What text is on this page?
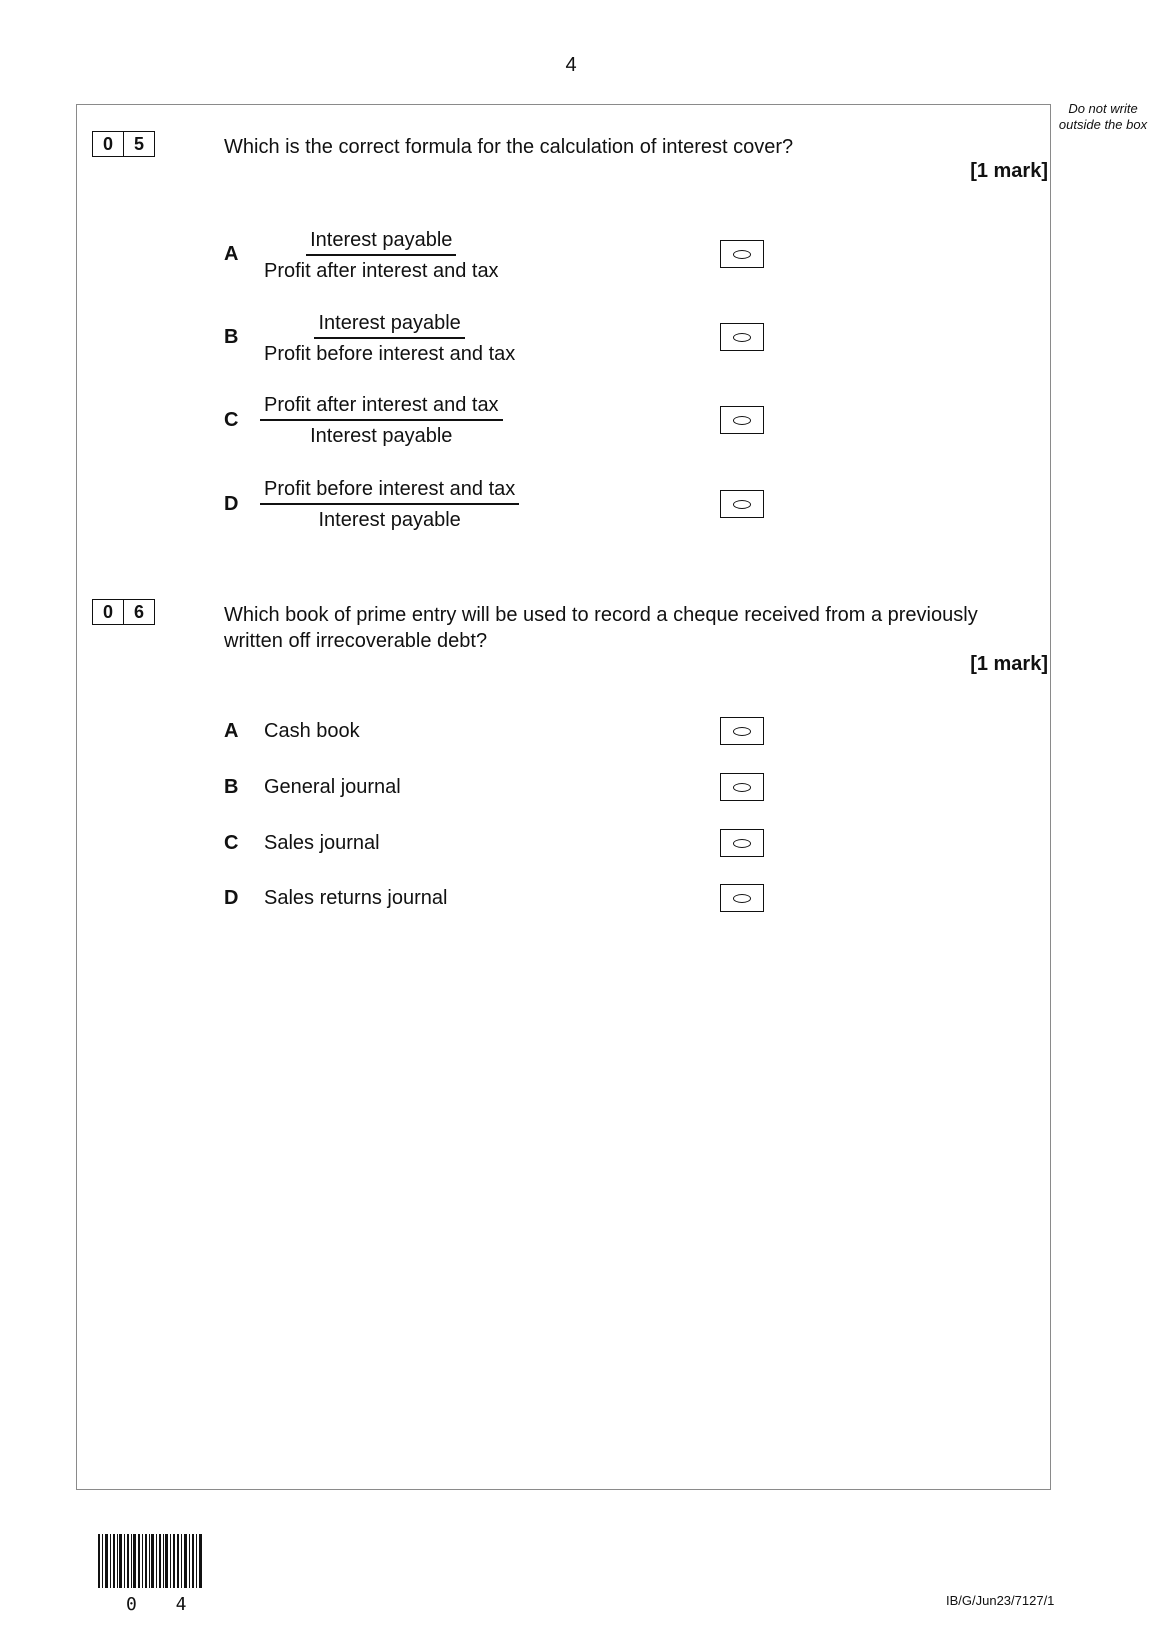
4
Do not write outside the box
0	5	Which is the correct formula for the calculation of interest cover?
[1 mark]
A
Interest payable
Profit after interest and tax
B
Interest payable
Profit before interest and tax
C
Profit after interest and tax
Interest payable
D
Profit before interest and tax
Interest payable
0	6	Which book of prime entry will be used to record a cheque received from a previously
written off irrecoverable debt?
[1 mark]
A Cash book
B General journal
C Sales journal
D Sales returns journal
0 4	IB/G/Jun23/7127/1
